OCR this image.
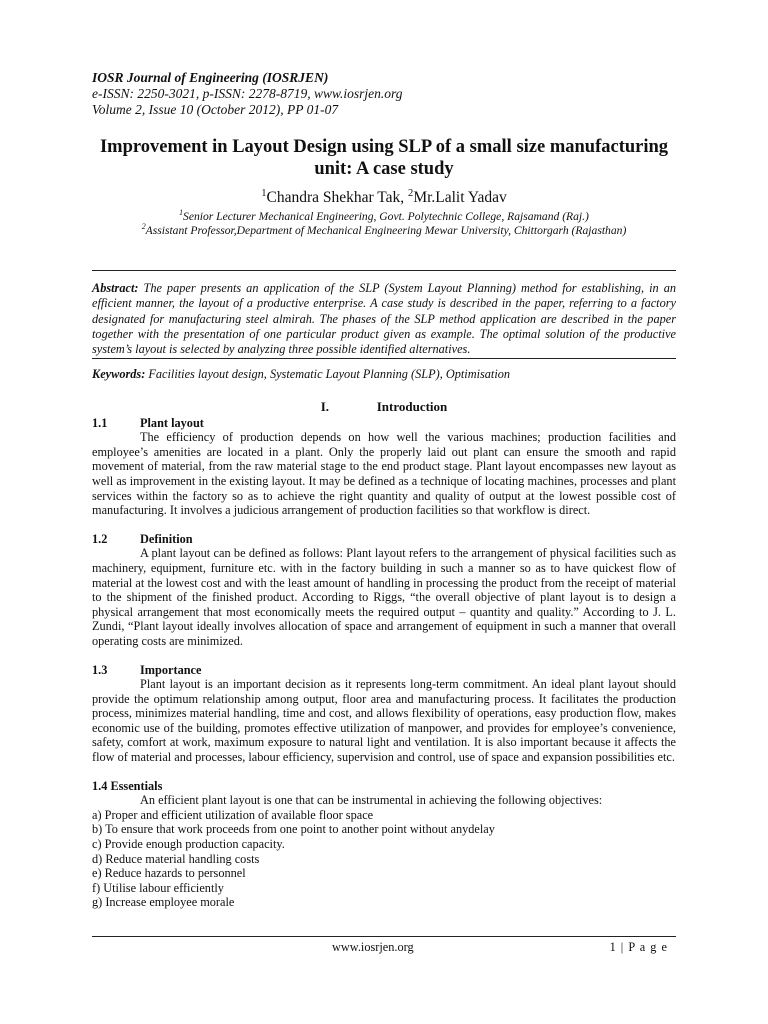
IOSR Journal of Engineering (IOSRJEN)
e-ISSN: 2250-3021, p-ISSN: 2278-8719, www.iosrjen.org
Volume 2, Issue 10 (October 2012), PP 01-07
Improvement in Layout Design using SLP of a small size manufacturing unit: A case study
$^1$Chandra Shekhar Tak, $^2$Mr.Lalit Yadav
$^1$Senior Lecturer Mechanical Engineering, Govt. Polytechnic College, Rajsamand (Raj.)
$^2$Assistant Professor,Department of Mechanical Engineering Mewar University, Chittorgarh (Rajasthan)
Abstract: The paper presents an application of the SLP (System Layout Planning) method for establishing, in an efficient manner, the layout of a productive enterprise. A case study is described in the paper, referring to a factory designated for manufacturing steel almirah. The phases of the SLP method application are described in the paper together with the presentation of one particular product given as example. The optimal solution of the productive system’s layout is selected by analyzing three possible identified alternatives.
Keywords: Facilities layout design, Systematic Layout Planning (SLP), Optimisation
I.	Introduction
1.1	Plant layout

The efficiency of production depends on how well the various machines; production facilities and employee’s amenities are located in a plant. Only the properly laid out plant can ensure the smooth and rapid movement of material, from the raw material stage to the end product stage. Plant layout encompasses new layout as well as improvement in the existing layout. It may be defined as a technique of locating machines, processes and plant services within the factory so as to achieve the right quantity and quality of output at the lowest possible cost of manufacturing. It involves a judicious arrangement of production facilities so that workflow is direct.

1.2	Definition

A plant layout can be defined as follows: Plant layout refers to the arrangement of physical facilities such as machinery, equipment, furniture etc. with in the factory building in such a manner so as to have quickest flow of material at the lowest cost and with the least amount of handling in processing the product from the receipt of material to the shipment of the finished product. According to Riggs, “the overall objective of plant layout is to design a physical arrangement that most economically meets the required output – quantity and quality.” According to J. L. Zundi, “Plant layout ideally involves allocation of space and arrangement of equipment in such a manner that overall operating costs are minimized.

1.3	Importance

Plant layout is an important decision as it represents long-term commitment. An ideal plant layout should provide the optimum relationship among output, floor area and manufacturing process. It facilitates the production process, minimizes material handling, time and cost, and allows flexibility of operations, easy production flow, makes economic use of the building, promotes effective utilization of manpower, and provides for employee’s convenience, safety, comfort at work, maximum exposure to natural light and ventilation. It is also important because it affects the flow of material and processes, labour efficiency, supervision and control, use of space and expansion possibilities etc.

1.4 Essentials

An efficient plant layout is one that can be instrumental in achieving the following objectives:

a) Proper and efficient utilization of available floor space
b) To ensure that work proceeds from one point to another point without anydelay
c) Provide enough production capacity.
d) Reduce material handling costs
e) Reduce hazards to personnel
f) Utilise labour efficiently
g) Increase employee morale
www.iosrjen.org	1 | P a g e
